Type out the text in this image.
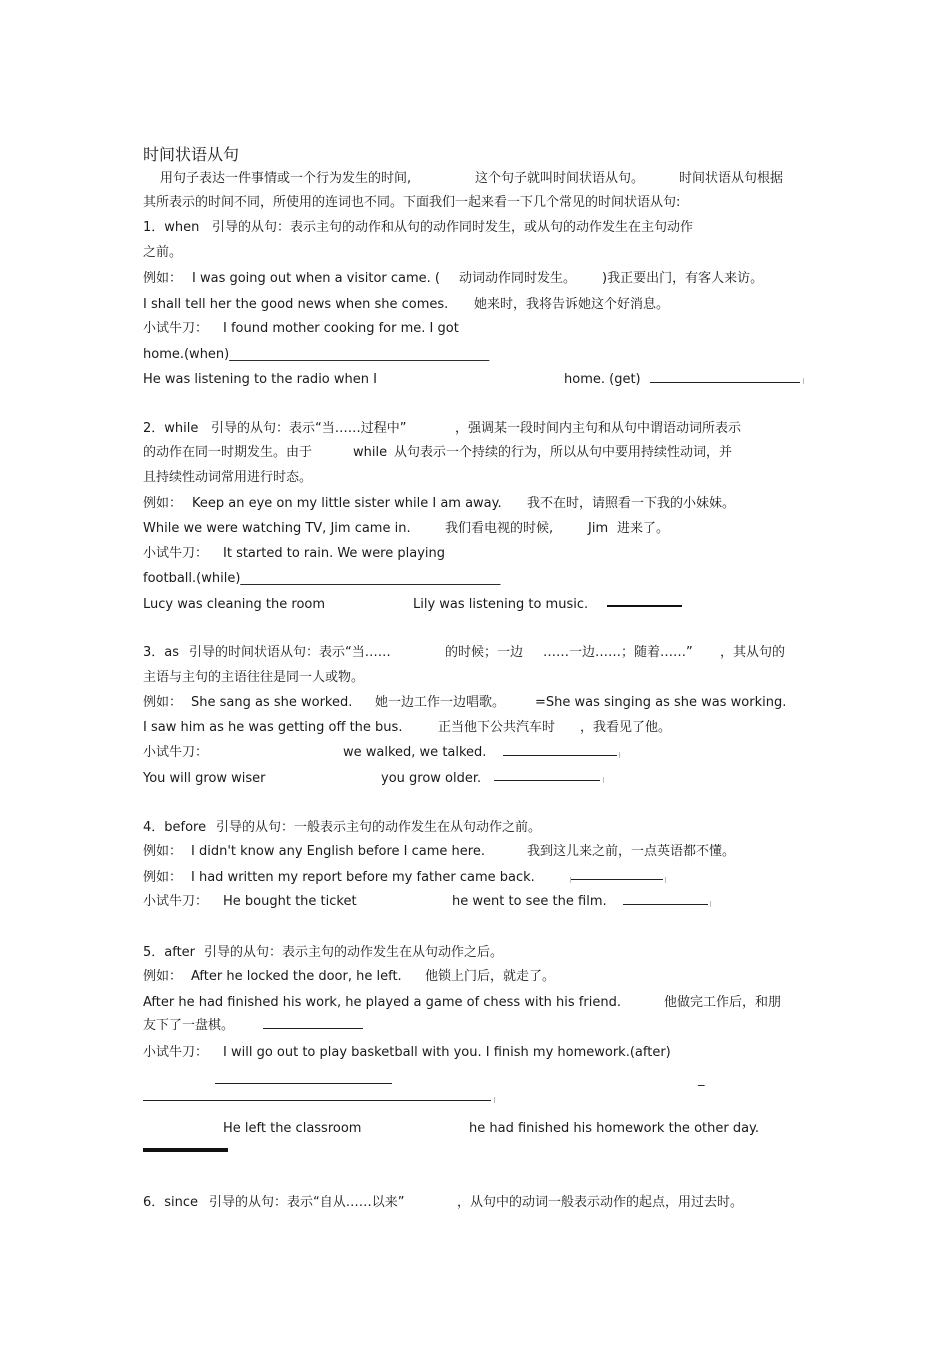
时间状语从句
用句子表达一件事情或一个行为发生的时间,	这个句子就叫时间状语从句。	时间状语从句根据
其所表示的时间不同，所使用的连词也不同。下面我们一起来看一下几个常见的时间状语从句:
1．when 引导的从句：表示主句的动作和从句的动作同时发生，或从句的动作发生在主句动作
之前。
例如： I was going out when a visitor came. ( 动词动作同时发生。 )我正要出门，有客人来访。
I shall tell her the good news when she comes. 她来时，我将告诉她这个好消息。
小试牛刀： I found mother cooking for me. I got
home.(when)________________________________________
He was listening to the radio when I	home. (get)
2．while 引导的从句：表示“当……过程中”	，强调某一段时间内主句和从句中谓语动词所表示
的动作在同一时期发生。由于	while 从句表示一个持续的行为，所以从句中要用持续性动词，并
且持续性动词常用进行时态。
例如： Keep an eye on my little sister while I am away. 我不在时，请照看一下我的小妹妹。
While we were watching TV, Jim came in.	我们看电视的时候,	Jim 进来了。
小试牛刀： It started to rain. We were playing
football.(while)________________________________________
Lucy was cleaning the room	Lily was listening to music.
3．as 引导的时间状语从句：表示“当……	的时候；一边 ……一边……；随着……” ，其从句的
主语与主句的主语往往是同一人或物。
例如： She sang as she worked. 她一边工作一边唱歌。 =She was singing as she was working.
I saw him as he was getting off the bus.	正当他下公共汽车时 ，我看见了他。
小试牛刀：	we walked, we talked.
You will grow wiser	you grow older.
4．before 引导的从句：一般表示主句的动作发生在从句动作之前。
例如： I didn't know any English before I came here.	我到这儿来之前，一点英语都不懂。
例如： I had written my report before my father came back.
小试牛刀： He bought the ticket	he went to see the film.
5．after 引导的从句：表示主句的动作发生在从句动作之后。
例如： After he locked the door, he left. 他锁上门后，就走了。
After he had finished his work, he played a game of chess with his friend.	他做完工作后，和朋
友下了一盘棋。
小试牛刀： I will go out to play basketball with you. I finish my homework.(after)
_
He left the classroom	he had finished his homework the other day.
6．since 引导的从句：表示“自从……以来”	，从句中的动词一般表示动作的起点，用过去时。
